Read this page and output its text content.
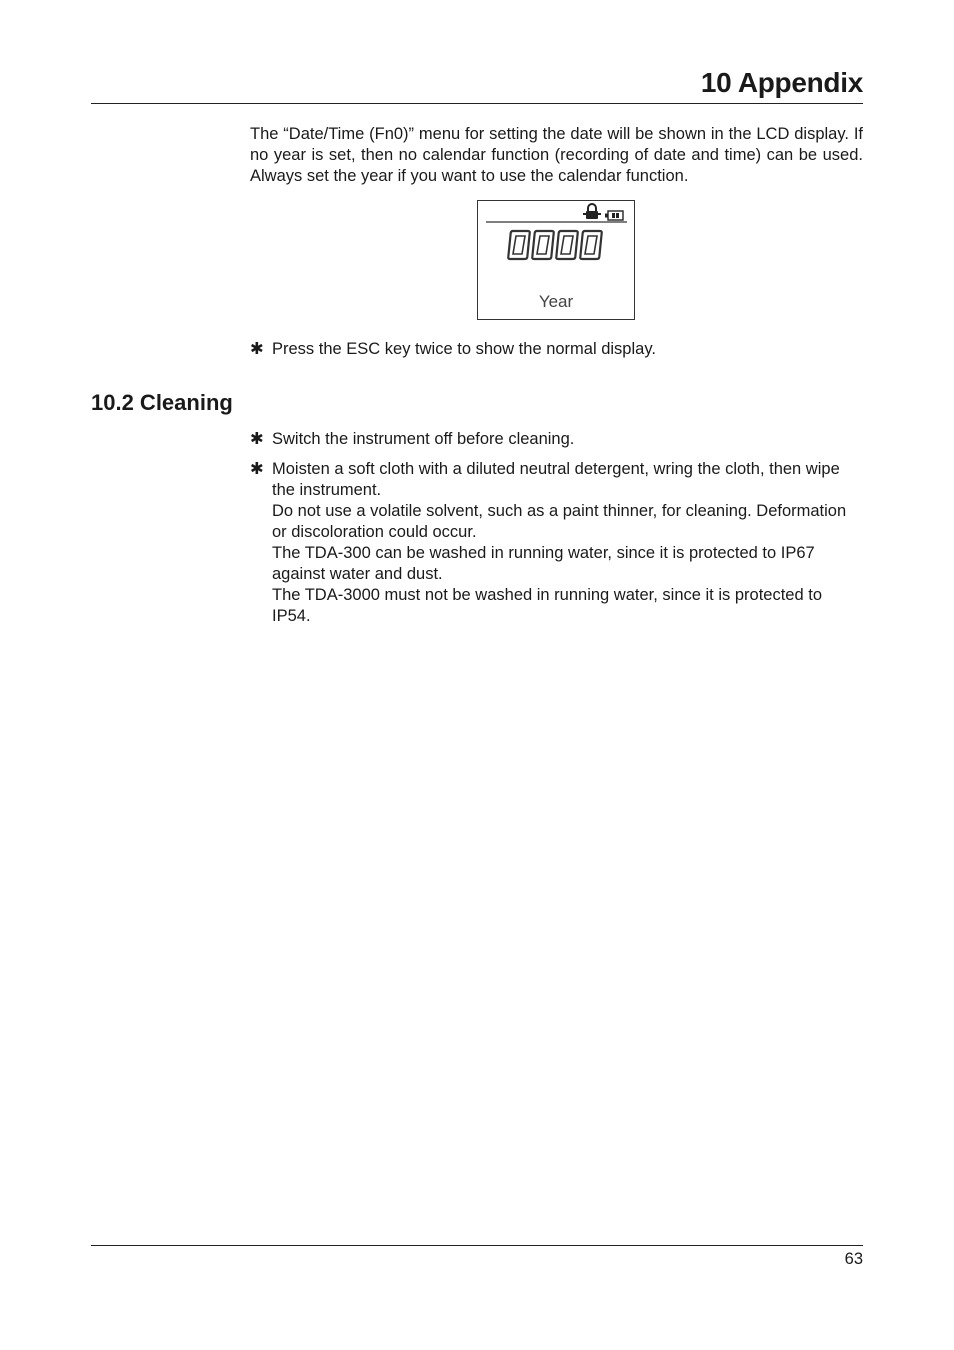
10 Appendix

The “Date/Time (Fn0)” menu for setting the date will be shown in the LCD display. If no year is set, then no calendar function (recording of date and time) can be used. Always set the year if you want to use the calendar function.

Year
✱ Press the ESC key twice to show the normal display.
10.2 Cleaning
✱ Switch the instrument off before cleaning.

✱ Moisten a soft cloth with a diluted neutral detergent, wring the cloth, then wipe the instrument.

Do not use a volatile solvent, such as a paint thinner, for cleaning. Deformation or discoloration could occur.

The TDA-300 can be washed in running water, since it is protected to IP67 against water and dust.

The TDA-3000 must not be washed in running water, since it is protected to IP54.

63
